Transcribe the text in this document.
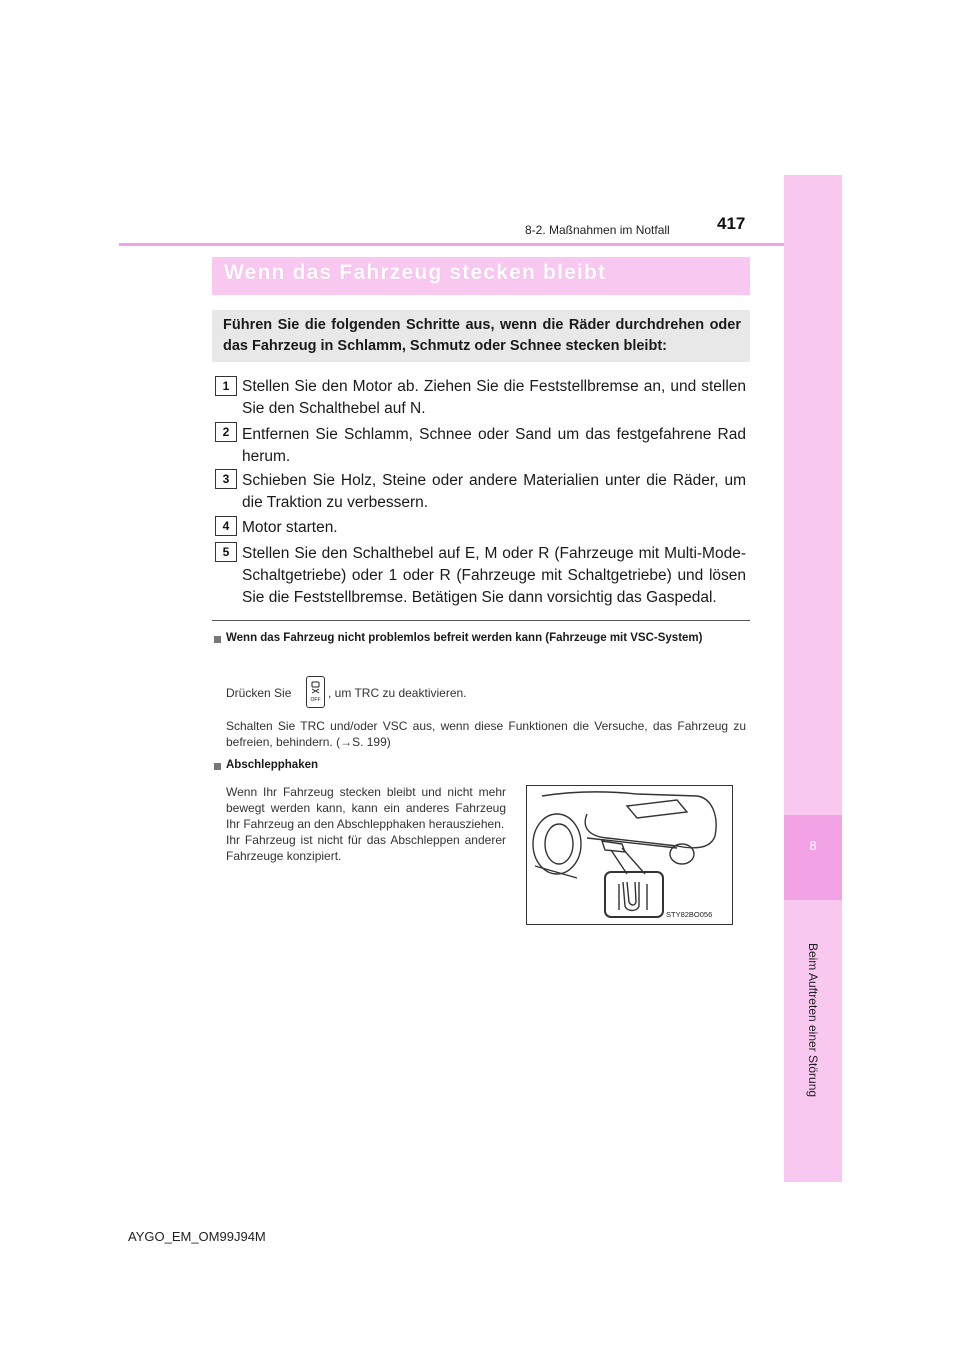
8
Beim Auftreten einer Störung
8-2. Maßnahmen im Notfall	417
Wenn das Fahrzeug stecken bleibt
Führen Sie die folgenden Schritte aus, wenn die Räder durchdrehen oder das Fahrzeug in Schlamm, Schmutz oder Schnee stecken bleibt:
1 Stellen Sie den Motor ab. Ziehen Sie die Feststellbremse an, und stellen Sie den Schalthebel auf N.
2 Entfernen Sie Schlamm, Schnee oder Sand um das festgefahrene Rad herum.
3 Schieben Sie Holz, Steine oder andere Materialien unter die Räder, um die Traktion zu verbessern.
4 Motor starten.
5 Stellen Sie den Schalthebel auf E, M oder R (Fahrzeuge mit Multi-Mode-Schaltgetriebe) oder 1 oder R (Fahrzeuge mit Schaltgetriebe) und lösen Sie die Feststellbremse. Betätigen Sie dann vorsichtig das Gaspedal.
Wenn das Fahrzeug nicht problemlos befreit werden kann (Fahrzeuge mit VSC-System)
Drücken Sie	OFF , um TRC zu deaktivieren.
Schalten Sie TRC und/oder VSC aus, wenn diese Funktionen die Versuche, das Fahrzeug zu befreien, behindern. (→S. 199)
Abschlepphaken
Wenn Ihr Fahrzeug stecken bleibt und nicht mehr bewegt werden kann, kann ein anderes Fahrzeug Ihr Fahrzeug an den Abschlepphaken herausziehen.
Ihr Fahrzeug ist nicht für das Abschleppen anderer Fahrzeuge konzipiert.
STY82BO056
AYGO_EM_OM99J94M
